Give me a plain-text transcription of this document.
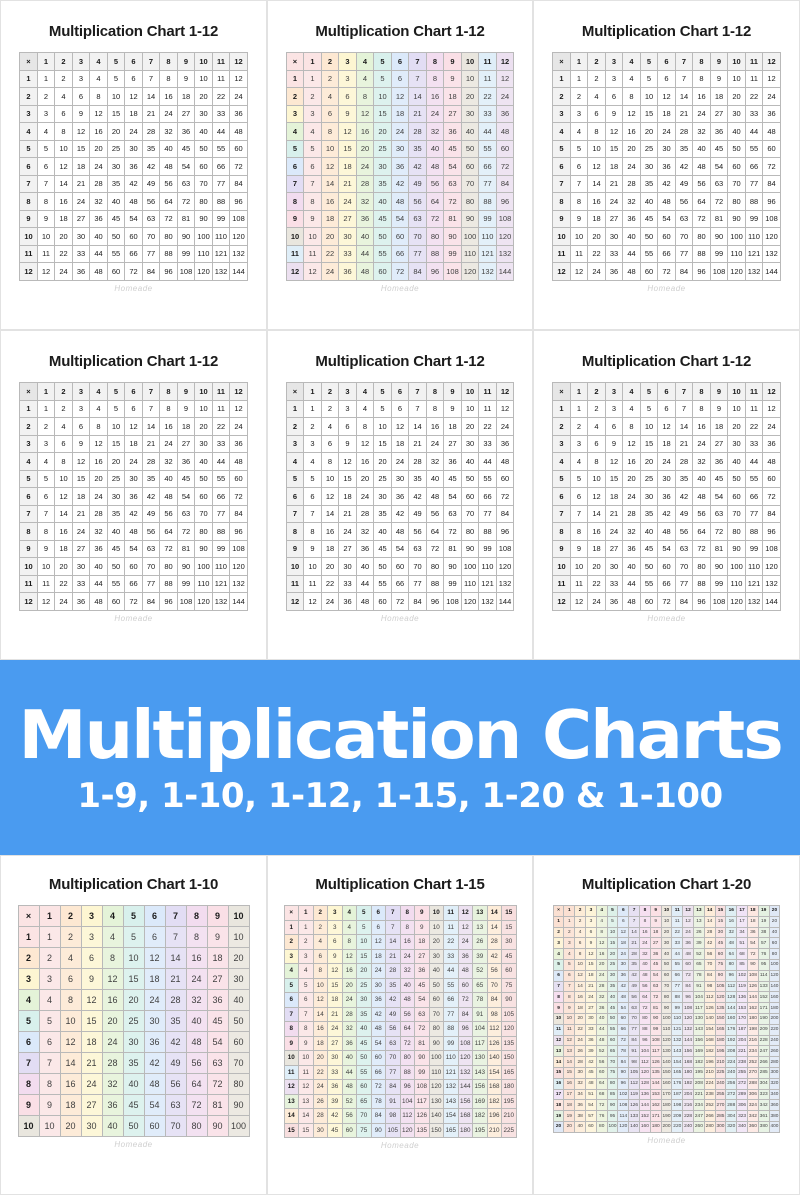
Multiplication Chart 1-12
×	1	2	3	4	5	6	7	8	9	10	11	12
1	1	2	3	4	5	6	7	8	9	10	11	12
2	2	4	6	8	10	12	14	16	18	20	22	24
3	3	6	9	12	15	18	21	24	27	30	33	36
4	4	8	12	16	20	24	28	32	36	40	44	48
5	5	10	15	20	25	30	35	40	45	50	55	60
6	6	12	18	24	30	36	42	48	54	60	66	72
7	7	14	21	28	35	42	49	56	63	70	77	84
8	8	16	24	32	40	48	56	64	72	80	88	96
9	9	18	27	36	45	54	63	72	81	90	99	108
10	10	20	30	40	50	60	70	80	90	100	110	120
11	11	22	33	44	55	66	77	88	99	110	121	132
12	12	24	36	48	60	72	84	96	108	120	132	144
Homeade
Multiplication Chart 1-12
×	1	2	3	4	5	6	7	8	9	10	11	12
1	1	2	3	4	5	6	7	8	9	10	11	12
2	2	4	6	8	10	12	14	16	18	20	22	24
3	3	6	9	12	15	18	21	24	27	30	33	36
4	4	8	12	16	20	24	28	32	36	40	44	48
5	5	10	15	20	25	30	35	40	45	50	55	60
6	6	12	18	24	30	36	42	48	54	60	66	72
7	7	14	21	28	35	42	49	56	63	70	77	84
8	8	16	24	32	40	48	56	64	72	80	88	96
9	9	18	27	36	45	54	63	72	81	90	99	108
10	10	20	30	40	50	60	70	80	90	100	110	120
11	11	22	33	44	55	66	77	88	99	110	121	132
12	12	24	36	48	60	72	84	96	108	120	132	144
Homeade
Multiplication Chart 1-12
×	1	2	3	4	5	6	7	8	9	10	11	12
1	1	2	3	4	5	6	7	8	9	10	11	12
2	2	4	6	8	10	12	14	16	18	20	22	24
3	3	6	9	12	15	18	21	24	27	30	33	36
4	4	8	12	16	20	24	28	32	36	40	44	48
5	5	10	15	20	25	30	35	40	45	50	55	60
6	6	12	18	24	30	36	42	48	54	60	66	72
7	7	14	21	28	35	42	49	56	63	70	77	84
8	8	16	24	32	40	48	56	64	72	80	88	96
9	9	18	27	36	45	54	63	72	81	90	99	108
10	10	20	30	40	50	60	70	80	90	100	110	120
11	11	22	33	44	55	66	77	88	99	110	121	132
12	12	24	36	48	60	72	84	96	108	120	132	144
Homeade
Multiplication Chart 1-12
×	1	2	3	4	5	6	7	8	9	10	11	12
1	1	2	3	4	5	6	7	8	9	10	11	12
2	2	4	6	8	10	12	14	16	18	20	22	24
3	3	6	9	12	15	18	21	24	27	30	33	36
4	4	8	12	16	20	24	28	32	36	40	44	48
5	5	10	15	20	25	30	35	40	45	50	55	60
6	6	12	18	24	30	36	42	48	54	60	66	72
7	7	14	21	28	35	42	49	56	63	70	77	84
8	8	16	24	32	40	48	56	64	72	80	88	96
9	9	18	27	36	45	54	63	72	81	90	99	108
10	10	20	30	40	50	60	70	80	90	100	110	120
11	11	22	33	44	55	66	77	88	99	110	121	132
12	12	24	36	48	60	72	84	96	108	120	132	144
Homeade
Multiplication Chart 1-12
×	1	2	3	4	5	6	7	8	9	10	11	12
1	1	2	3	4	5	6	7	8	9	10	11	12
2	2	4	6	8	10	12	14	16	18	20	22	24
3	3	6	9	12	15	18	21	24	27	30	33	36
4	4	8	12	16	20	24	28	32	36	40	44	48
5	5	10	15	20	25	30	35	40	45	50	55	60
6	6	12	18	24	30	36	42	48	54	60	66	72
7	7	14	21	28	35	42	49	56	63	70	77	84
8	8	16	24	32	40	48	56	64	72	80	88	96
9	9	18	27	36	45	54	63	72	81	90	99	108
10	10	20	30	40	50	60	70	80	90	100	110	120
11	11	22	33	44	55	66	77	88	99	110	121	132
12	12	24	36	48	60	72	84	96	108	120	132	144
Homeade
Multiplication Chart 1-12
×	1	2	3	4	5	6	7	8	9	10	11	12
1	1	2	3	4	5	6	7	8	9	10	11	12
2	2	4	6	8	10	12	14	16	18	20	22	24
3	3	6	9	12	15	18	21	24	27	30	33	36
4	4	8	12	16	20	24	28	32	36	40	44	48
5	5	10	15	20	25	30	35	40	45	50	55	60
6	6	12	18	24	30	36	42	48	54	60	66	72
7	7	14	21	28	35	42	49	56	63	70	77	84
8	8	16	24	32	40	48	56	64	72	80	88	96
9	9	18	27	36	45	54	63	72	81	90	99	108
10	10	20	30	40	50	60	70	80	90	100	110	120
11	11	22	33	44	55	66	77	88	99	110	121	132
12	12	24	36	48	60	72	84	96	108	120	132	144
Homeade
Multiplication Charts
1-9, 1-10, 1-12, 1-15, 1-20 & 1-100
Multiplication Chart 1-10
×	1	2	3	4	5	6	7	8	9	10
1	1	2	3	4	5	6	7	8	9	10
2	2	4	6	8	10	12	14	16	18	20
3	3	6	9	12	15	18	21	24	27	30
4	4	8	12	16	20	24	28	32	36	40
5	5	10	15	20	25	30	35	40	45	50
6	6	12	18	24	30	36	42	48	54	60
7	7	14	21	28	35	42	49	56	63	70
8	8	16	24	32	40	48	56	64	72	80
9	9	18	27	36	45	54	63	72	81	90
10	10	20	30	40	50	60	70	80	90	100
Homeade
Multiplication Chart 1-15
×	1	2	3	4	5	6	7	8	9	10	11	12	13	14	15
1	1	2	3	4	5	6	7	8	9	10	11	12	13	14	15
2	2	4	6	8	10	12	14	16	18	20	22	24	26	28	30
3	3	6	9	12	15	18	21	24	27	30	33	36	39	42	45
4	4	8	12	16	20	24	28	32	36	40	44	48	52	56	60
5	5	10	15	20	25	30	35	40	45	50	55	60	65	70	75
6	6	12	18	24	30	36	42	48	54	60	66	72	78	84	90
7	7	14	21	28	35	42	49	56	63	70	77	84	91	98	105
8	8	16	24	32	40	48	56	64	72	80	88	96	104	112	120
9	9	18	27	36	45	54	63	72	81	90	99	108	117	126	135
10	10	20	30	40	50	60	70	80	90	100	110	120	130	140	150
11	11	22	33	44	55	66	77	88	99	110	121	132	143	154	165
12	12	24	36	48	60	72	84	96	108	120	132	144	156	168	180
13	13	26	39	52	65	78	91	104	117	130	143	156	169	182	195
14	14	28	42	56	70	84	98	112	126	140	154	168	182	196	210
15	15	30	45	60	75	90	105	120	135	150	165	180	195	210	225
Homeade
Multiplication Chart 1-20
×	1	2	3	4	5	6	7	8	9	10	11	12	13	14	15	16	17	18	19	20
1	1	2	3	4	5	6	7	8	9	10	11	12	13	14	15	16	17	18	19	20
2	2	4	6	8	10	12	14	16	18	20	22	24	26	28	30	32	34	36	38	40
3	3	6	9	12	15	18	21	24	27	30	33	36	39	42	45	48	51	54	57	60
4	4	8	12	16	20	24	28	32	36	40	44	48	52	56	60	64	68	72	76	80
5	5	10	15	20	25	30	35	40	45	50	55	60	65	70	75	80	85	90	95	100
6	6	12	18	24	30	36	42	48	54	60	66	72	78	84	90	96	102	108	114	120
7	7	14	21	28	35	42	49	56	63	70	77	84	91	98	105	112	119	126	133	140
8	8	16	24	32	40	48	56	64	72	80	88	96	104	112	120	128	136	144	152	160
9	9	18	27	36	45	54	63	72	81	90	99	108	117	126	135	144	153	162	171	180
10	10	20	30	40	50	60	70	80	90	100	110	120	130	140	150	160	170	180	190	200
11	11	22	33	44	55	66	77	88	99	110	121	132	143	154	165	176	187	198	209	220
12	12	24	36	48	60	72	84	96	108	120	132	144	156	168	180	192	204	216	228	240
13	13	26	39	52	65	78	91	104	117	130	143	156	169	182	195	208	221	234	247	260
14	14	28	42	56	70	84	98	112	126	140	154	168	182	196	210	224	238	252	266	280
15	15	30	45	60	75	90	105	120	135	150	165	180	195	210	225	240	255	270	285	300
16	16	32	48	64	80	96	112	128	144	160	176	192	208	224	240	256	272	288	304	320
17	17	34	51	68	85	102	119	136	153	170	187	204	221	238	255	272	289	306	323	340
18	18	36	54	72	90	108	126	144	162	180	198	216	234	252	270	288	306	324	342	360
19	19	38	57	76	95	114	133	152	171	190	209	228	247	266	285	304	323	342	361	380
20	20	40	60	80	100	120	140	160	180	200	220	240	260	280	300	320	340	360	380	400
Homeade
